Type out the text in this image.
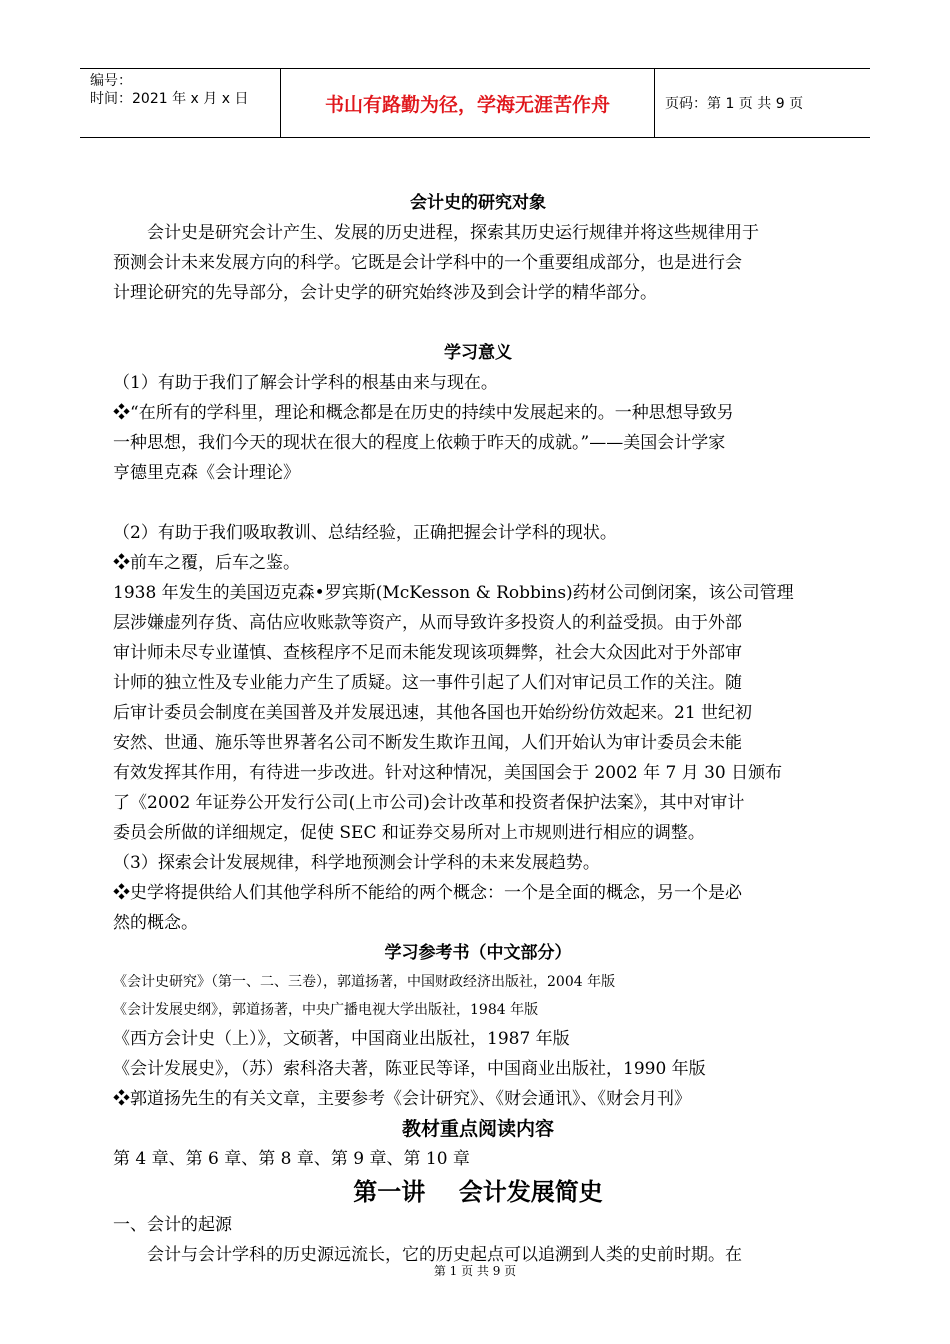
编号：
时间：2021 年 x 月 x 日	书山有路勤为径，学海无涯苦作舟	页码：第 1 页 共 9 页
会计史的研究对象
会计史是研究会计产生、发展的历史进程，探索其历史运行规律并将这些规律用于
预测会计未来发展方向的科学。它既是会计学科中的一个重要组成部分，也是进行会
计理论研究的先导部分，会计史学的研究始终涉及到会计学的精华部分。
学习意义
（1）有助于我们了解会计学科的根基由来与现在。
❖“在所有的学科里，理论和概念都是在历史的持续中发展起来的。一种思想导致另
一种思想，我们今天的现状在很大的程度上依赖于昨天的成就。”——美国会计学家
亨德里克森《会计理论》
（2）有助于我们吸取教训、总结经验，正确把握会计学科的现状。
❖前车之覆，后车之鉴。
1938 年发生的美国迈克森•罗宾斯(McKesson & Robbins)药材公司倒闭案，该公司管理
层涉嫌虚列存货、高估应收账款等资产，从而导致许多投资人的利益受损。由于外部
审计师未尽专业谨慎、查核程序不足而未能发现该项舞弊，社会大众因此对于外部审
计师的独立性及专业能力产生了质疑。这一事件引起了人们对审记员工作的关注。随
后审计委员会制度在美国普及并发展迅速，其他各国也开始纷纷仿效起来。21 世纪初
安然、世通、施乐等世界著名公司不断发生欺诈丑闻，人们开始认为审计委员会未能
有效发挥其作用，有待进一步改进。针对这种情况，美国国会于 2002 年 7 月 30 日颁布
了《2002 年证券公开发行公司(上市公司)会计改革和投资者保护法案》，其中对审计
委员会所做的详细规定，促使 SEC 和证券交易所对上市规则进行相应的调整。
（3）探索会计发展规律，科学地预测会计学科的未来发展趋势。
❖史学将提供给人们其他学科所不能给的两个概念：一个是全面的概念，另一个是必
然的概念。
学习参考书（中文部分）
《会计史研究》（第一、二、三卷），郭道扬著，中国财政经济出版社，2004 年版
《会计发展史纲》，郭道扬著，中央广播电视大学出版社，1984 年版
《西方会计史（上）》，文硕著，中国商业出版社，1987 年版
《会计发展史》，（苏）索科洛夫著，陈亚民等译，中国商业出版社，1990 年版
❖郭道扬先生的有关文章，主要参考《会计研究》、《财会通讯》、《财会月刊》
教材重点阅读内容
第 4 章、第 6 章、第 8 章、第 9 章、第 10 章
第一讲    会计发展简史
一、会计的起源
会计与会计学科的历史源远流长，它的历史起点可以追溯到人类的史前时期。在
第 1 页 共 9 页
